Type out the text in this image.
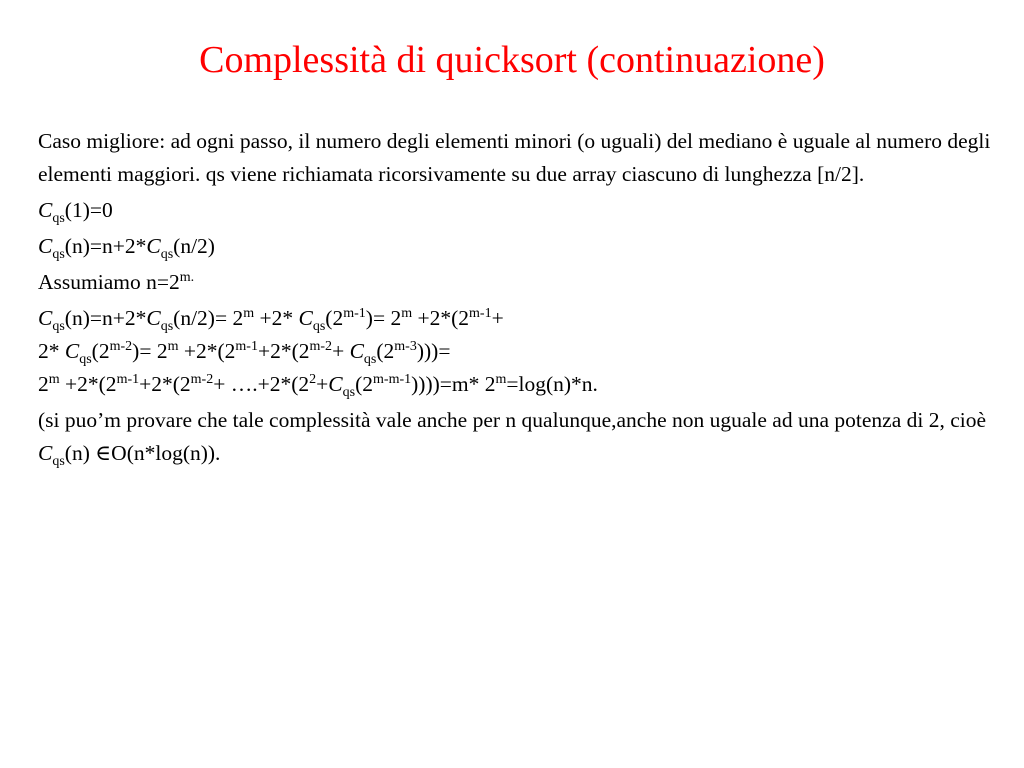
Complessità di quicksort (continuazione)
Caso migliore: ad ogni passo, il numero degli elementi minori (o uguali) del mediano è uguale al numero degli elementi maggiori. qs viene richiamata ricorsivamente su due array ciascuno di lunghezza [n/2].
$C_{qs}(1)=0$
$C_{qs}(n)=n+2*C_{qs}(n/2)$
Assumiamo $n=2^{m.}$
$C_{qs}(n)=n+2*C_{qs}(n/2)= 2^m +2*$ $C_{qs}(2^{m-1})= 2^m +2*(2^{m-1}+$
2* $C_{qs}(2^{m-2})= 2^m +2*(2^{m-1}+2*(2^{m-2}+ C_{qs}(2^{m-3})))=$
$2^m +2*(2^{m-1}+2*(2^{m-2}+$ $\dots.+2*(2^2+C_{qs}(2^{m-m-1}))))=m*$ $2^m=\log(n)*n$.
(si puo’m provare che tale complessità vale anche per n qualunque,anche non uguale ad una potenza di 2, cioè $C_{qs}(n)$ ∈O(n*log(n)).
